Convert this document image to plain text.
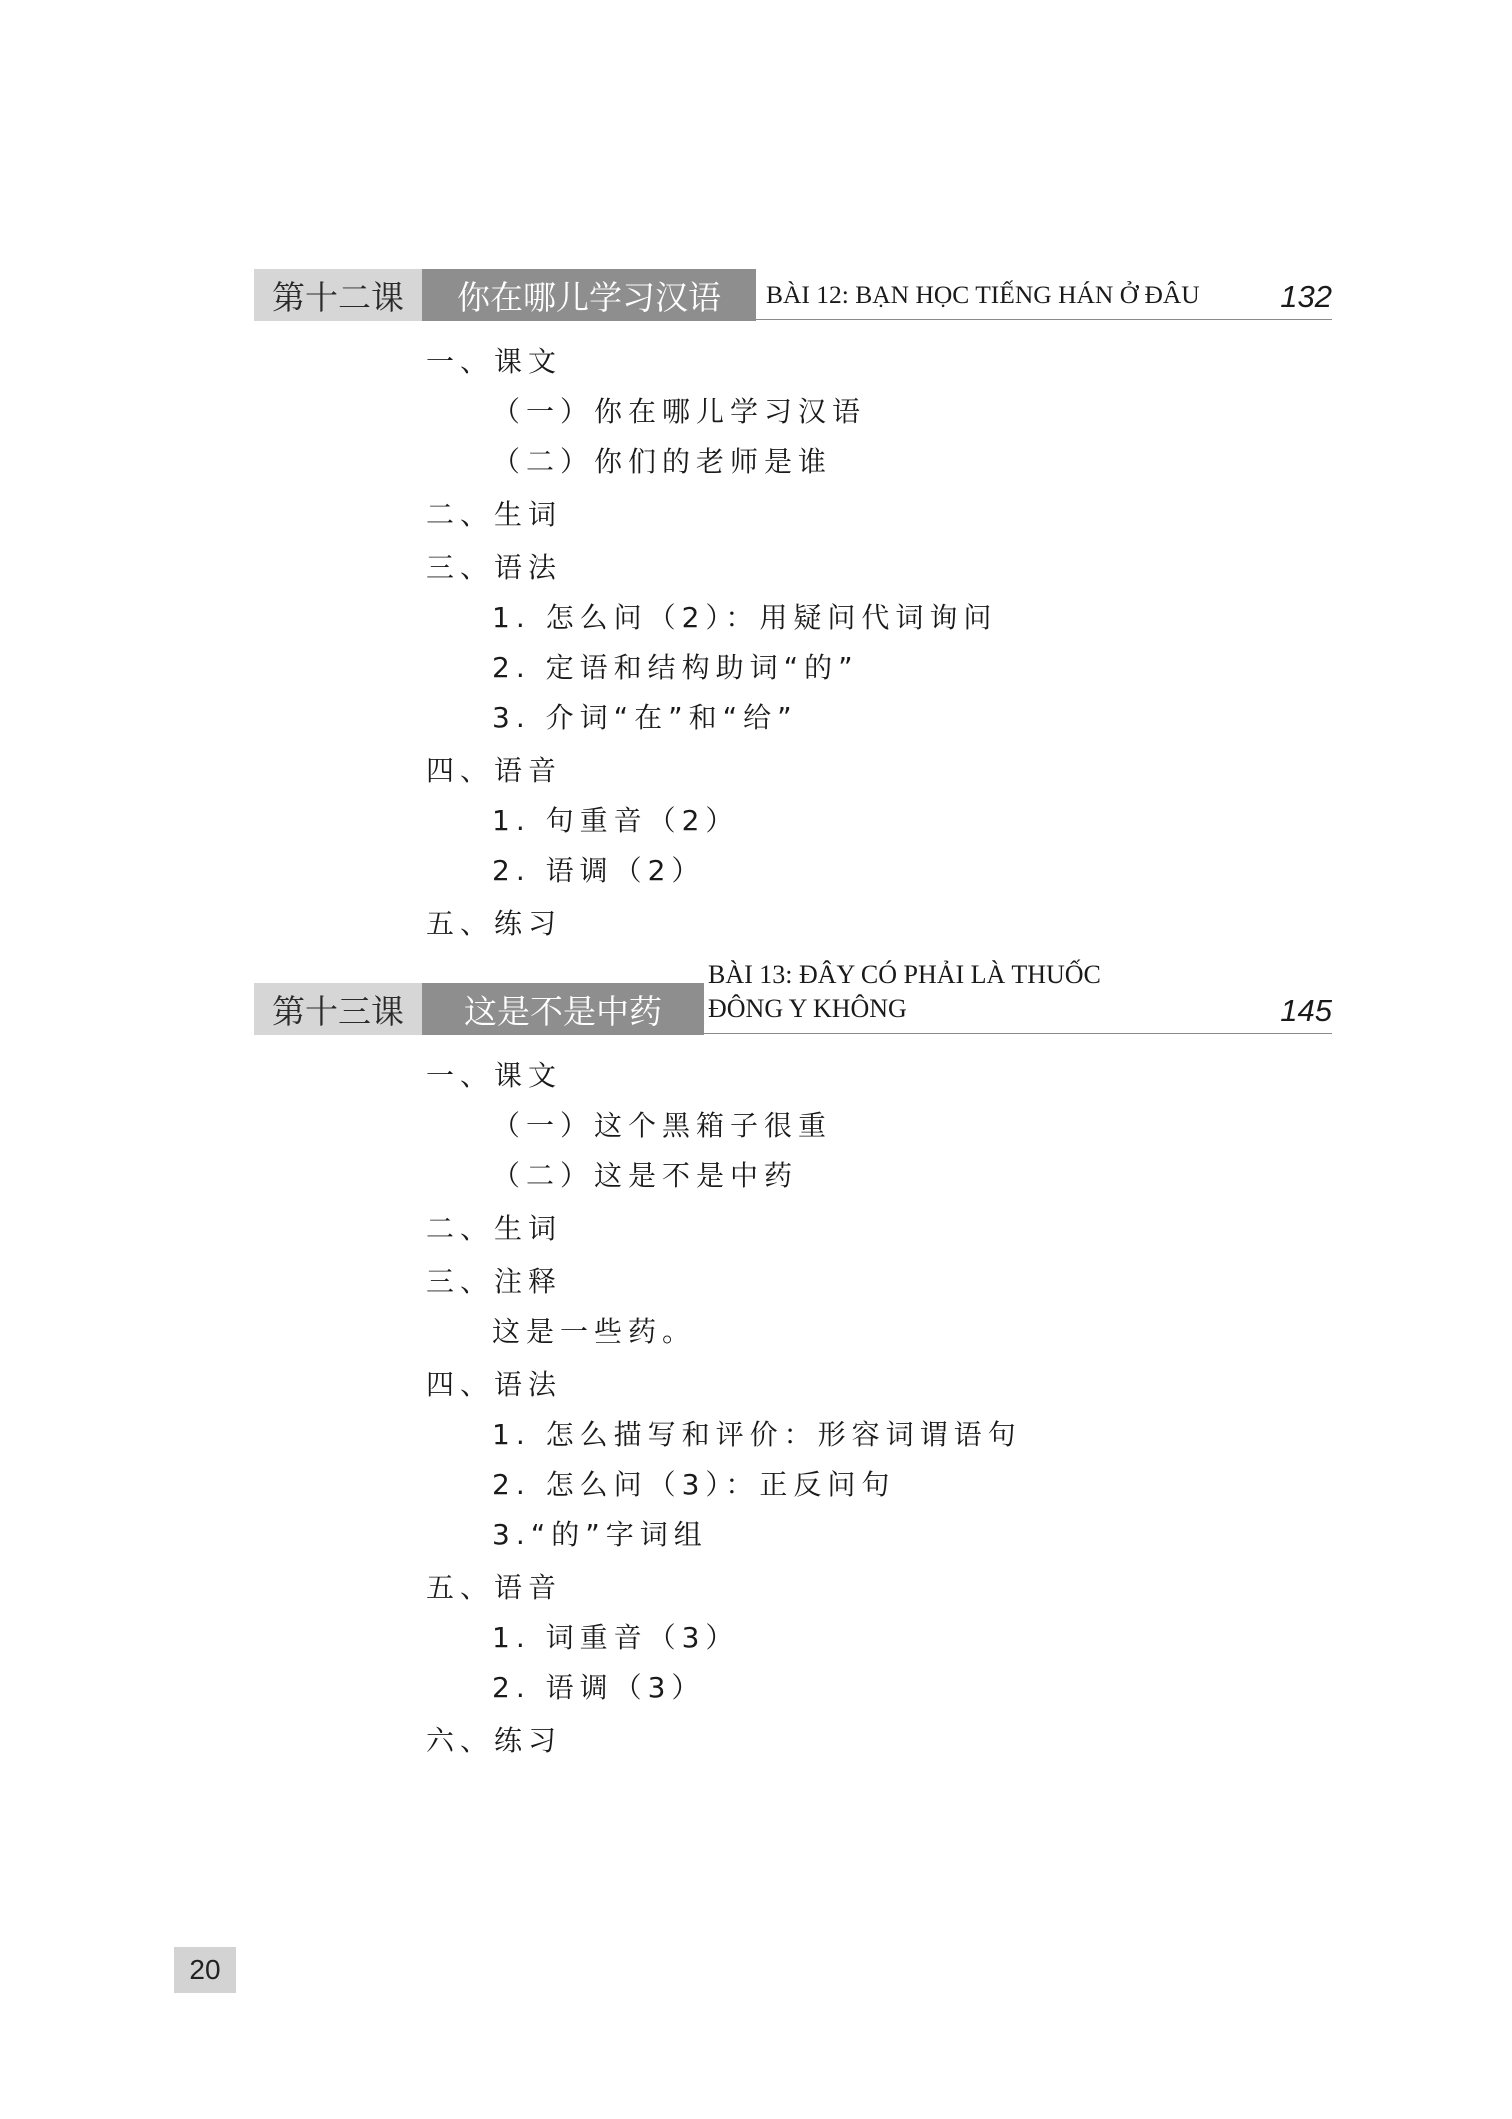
第十二课	你在哪儿学习汉语	BÀI 12: BẠN HỌC TIẾNG HÁN Ở ĐÂU	132
一、课文
（一）你在哪儿学习汉语
（二）你们的老师是谁
二、生词
三、语法
1. 怎么问（2）：用疑问代词询问
2. 定语和结构助词“的”
3. 介词“在”和“给”
四、语音
1. 句重音（2）
2. 语调（2）
五、练习
第十三课	这是不是中药
BÀI 13: ĐÂY CÓ PHẢI LÀ THUỐC
ĐÔNG Y KHÔNG	145
一、课文
（一）这个黑箱子很重
（二）这是不是中药
二、生词
三、注释
这是一些药。
四、语法
1. 怎么描写和评价：形容词谓语句
2. 怎么问（3）：正反问句
3.“的”字词组
五、语音
1. 词重音（3）
2. 语调（3）
六、练习
20
